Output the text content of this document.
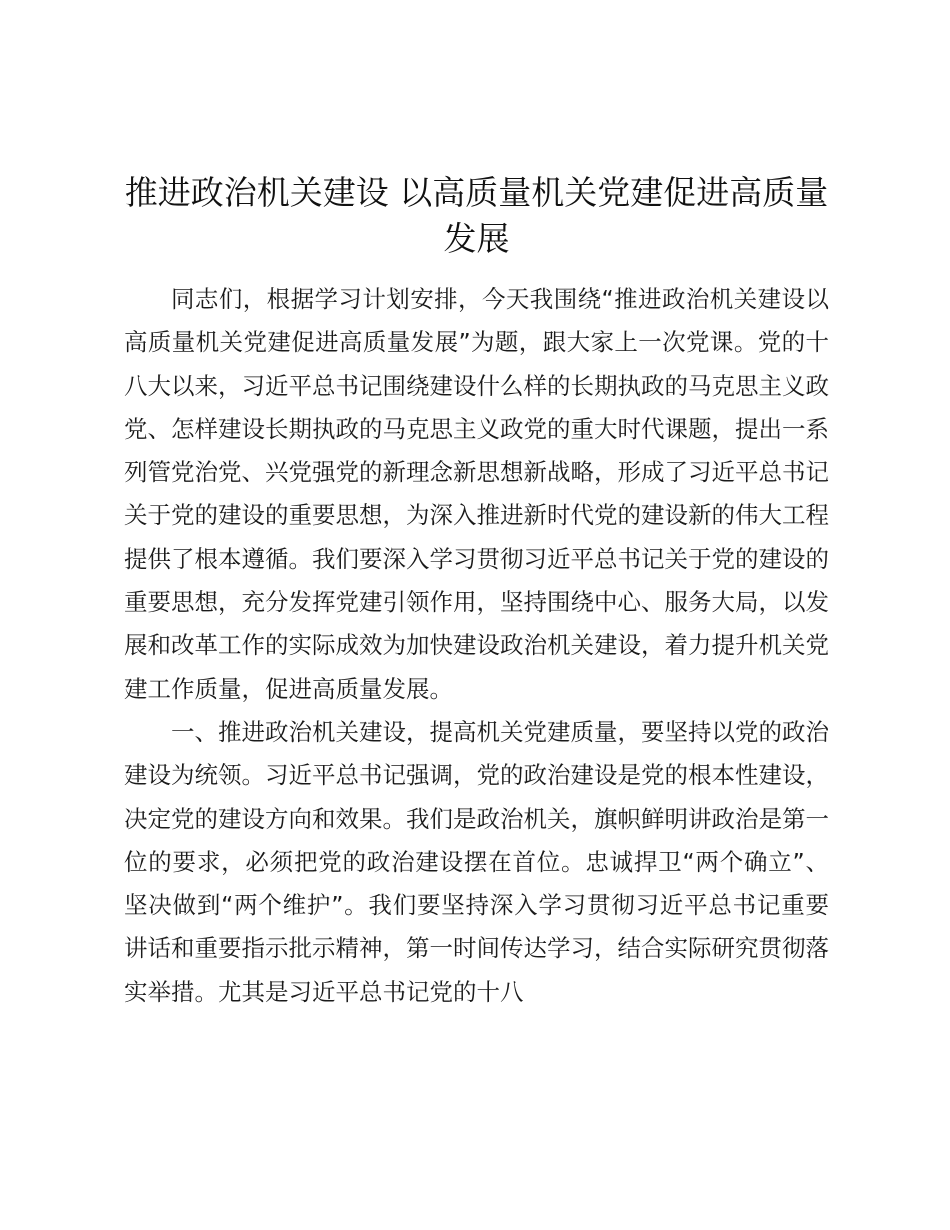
推进政治机关建设 以高质量机关党建促进高质量发展

同志们，根据学习计划安排，今天我围绕“推进政治机关建设以高质量机关党建促进高质量发展”为题，跟大家上一次党课。党的十八大以来，习近平总书记围绕建设什么样的长期执政的马克思主义政党、怎样建设长期执政的马克思主义政党的重大时代课题，提出一系列管党治党、兴党强党的新理念新思想新战略，形成了习近平总书记关于党的建设的重要思想，为深入推进新时代党的建设新的伟大工程提供了根本遵循。我们要深入学习贯彻习近平总书记关于党的建设的重要思想，充分发挥党建引领作用，坚持围绕中心、服务大局，以发展和改革工作的实际成效为加快建设政治机关建设，着力提升机关党建工作质量，促进高质量发展。

一、推进政治机关建设，提高机关党建质量，要坚持以党的政治建设为统领。习近平总书记强调，党的政治建设是党的根本性建设，决定党的建设方向和效果。我们是政治机关，旗帜鲜明讲政治是第一位的要求，必须把党的政治建设摆在首位。忠诚捍卫“两个确立”、坚决做到“两个维护”。我们要坚持深入学习贯彻习近平总书记重要讲话和重要指示批示精神，第一时间传达学习，结合实际研究贯彻落实举措。尤其是习近平总书记党的十八
